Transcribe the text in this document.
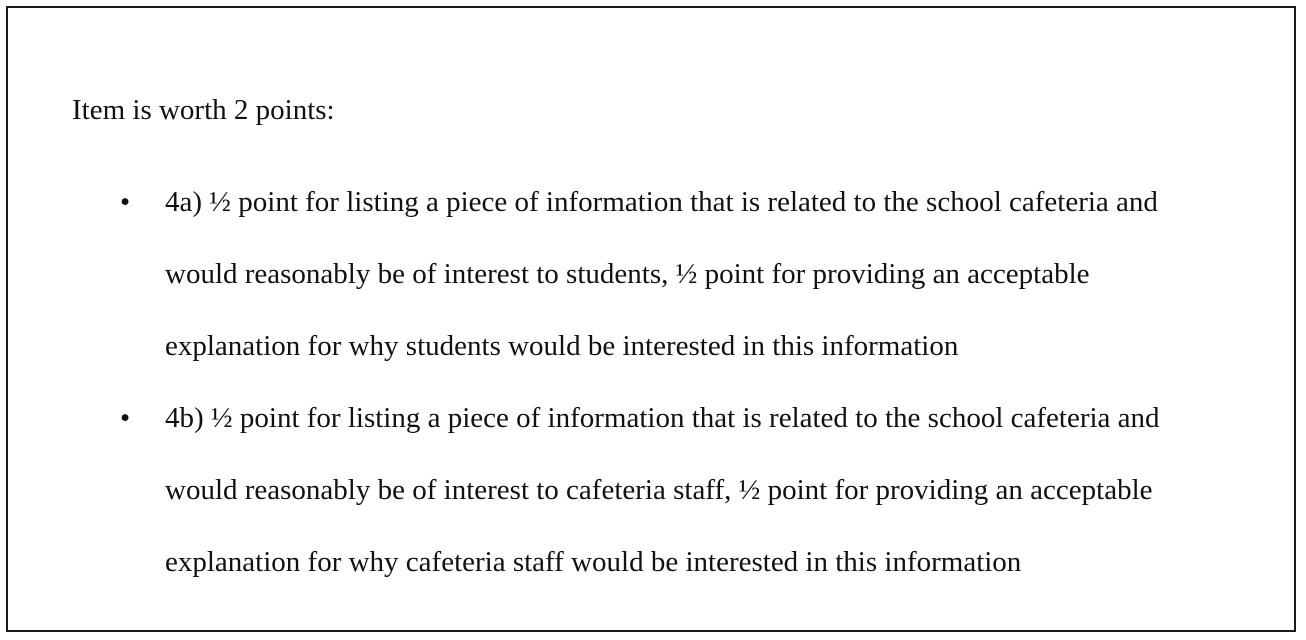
Item is worth 2 points:

• 4a) ½ point for listing a piece of information that is related to the school cafeteria and
would reasonably be of interest to students, ½ point for providing an acceptable
explanation for why students would be interested in this information
• 4b) ½ point for listing a piece of information that is related to the school cafeteria and
would reasonably be of interest to cafeteria staff, ½ point for providing an acceptable
explanation for why cafeteria staff would be interested in this information
